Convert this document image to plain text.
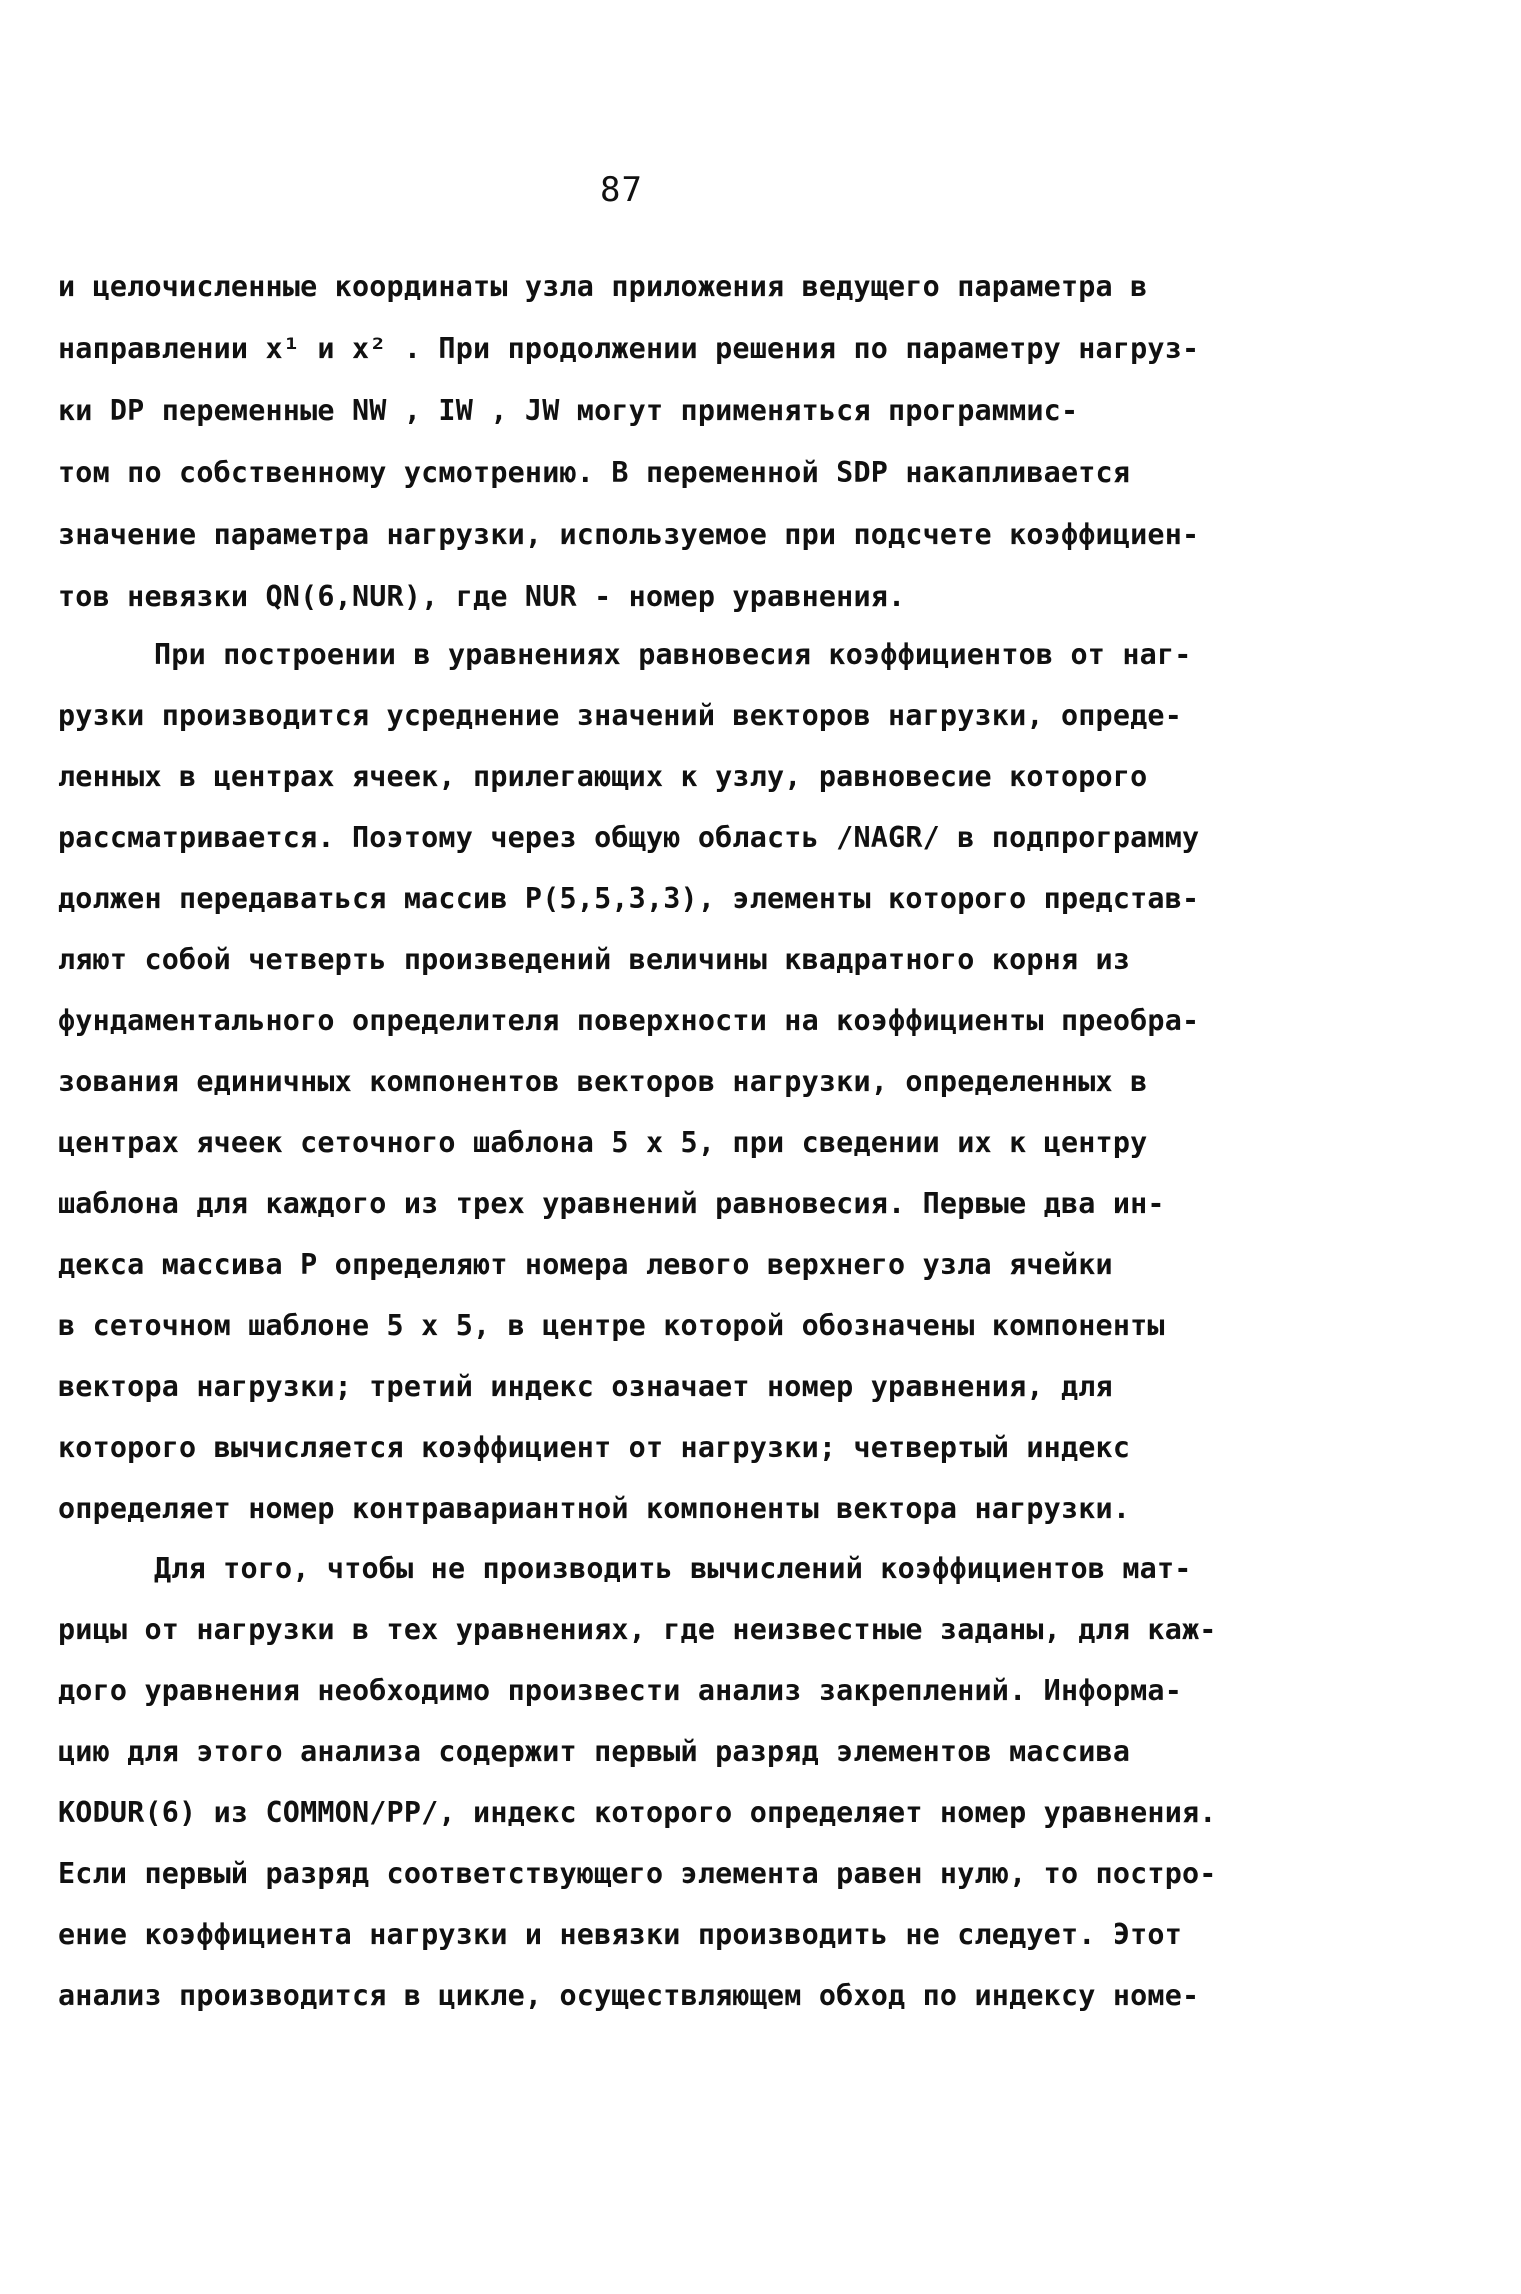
87
и целочисленные координаты узла приложения ведущего параметра в
направлении x¹ и x² . При продолжении решения по параметру нагруз-
ки DP переменные NW , IW , JW могут применяться программис-
том по собственному усмотрению. В переменной SDP накапливается
значение параметра нагрузки, используемое при подсчете коэффициен-
тов невязки QN(6,NUR), где NUR - номер уравнения.
При построении в уравнениях равновесия коэффициентов от наг-
рузки производится усреднение значений векторов нагрузки, опреде-
ленных в центрах ячеек, прилегающих к узлу, равновесие которого
рассматривается. Поэтому через общую область /NAGR/ в подпрограмму
должен передаваться массив P(5,5,3,3), элементы которого представ-
ляют собой четверть произведений величины квадратного корня из
фундаментального определителя поверхности на коэффициенты преобра-
зования единичных компонентов векторов нагрузки, определенных в
центрах ячеек сеточного шаблона 5 х 5, при сведении их к центру
шаблона для каждого из трех уравнений равновесия. Первые два ин-
декса массива P определяют номера левого верхнего узла ячейки
в сеточном шаблоне 5 х 5, в центре которой обозначены компоненты
вектора нагрузки; третий индекс означает номер уравнения, для
которого вычисляется коэффициент от нагрузки; четвертый индекс
определяет номер контравариантной компоненты вектора нагрузки.
Для того, чтобы не производить вычислений коэффициентов мат-
рицы от нагрузки в тех уравнениях, где неизвестные заданы, для каж-
дого уравнения необходимо произвести анализ закреплений. Информа-
цию для этого анализа содержит первый разряд элементов массива
KODUR(6) из COMMON/PP/, индекс которого определяет номер уравнения.
Если первый разряд соответствующего элемента равен нулю, то постро-
ение коэффициента нагрузки и невязки производить не следует. Этот
анализ производится в цикле, осуществляющем обход по индексу номе-
